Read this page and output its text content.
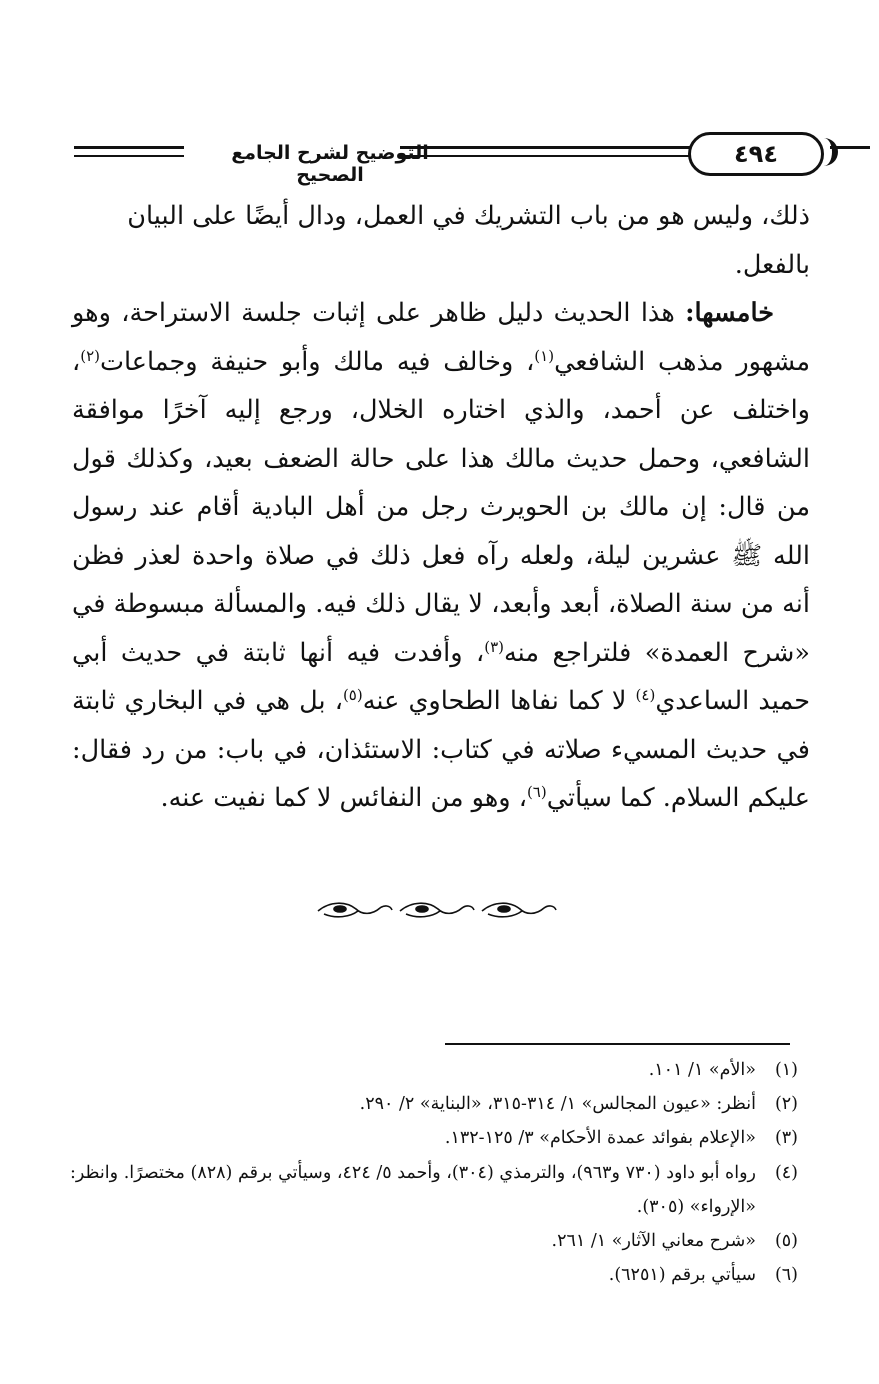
التوضيح لشرح الجامع الصحيح
٤٩٤

ذلك، وليس هو من باب التشريك في العمل، ودال أيضًا على البيان
بالفعل.

خامسها: هذا الحديث دليل ظاهر على إثبات جلسة الاستراحة، وهو مشهور مذهب الشافعي$^{(١)}$، وخالف فيه مالك وأبو حنيفة وجماعات$^{(٢)}$، واختلف عن أحمد، والذي اختاره الخلال، ورجع إليه آخرًا موافقة الشافعي، وحمل حديث مالك هذا على حالة الضعف بعيد، وكذلك قول من قال: إن مالك بن الحويرث رجل من أهل البادية أقام عند رسول الله ﷺ عشرين ليلة، ولعله رآه فعل ذلك في صلاة واحدة لعذر فظن أنه من سنة الصلاة، أبعد وأبعد، لا يقال ذلك فيه. والمسألة مبسوطة في «شرح العمدة» فلتراجع منه$^{(٣)}$، وأفدت فيه أنها ثابتة في حديث أبي حميد الساعدي$^{(٤)}$ لا كما نفاها الطحاوي عنه$^{(٥)}$، بل هي في البخاري ثابتة في حديث المسيء صلاته في كتاب: الاستئذان، في باب: من رد فقال: عليكم السلام. كما سيأتي$^{(٦)}$، وهو من النفائس لا كما نفيت عنه.

(١)
«الأم» ١/ ١٠١.
(٢)
أنظر: «عيون المجالس» ١/ ٣١٤-٣١٥، «البناية» ٢/ ٢٩٠.
(٣)
«الإعلام بفوائد عمدة الأحكام» ٣/ ١٢٥-١٣٢.
(٤)
رواه أبو داود (٧٣٠ و٩٦٣)، والترمذي (٣٠٤)، وأحمد ٥/ ٤٢٤، وسيأتي برقم (٨٢٨) مختصرًا. وانظر: «الإرواء» (٣٠٥).
(٥)
«شرح معاني الآثار» ١/ ٢٦١.
(٦)
سيأتي برقم (٦٢٥١).
